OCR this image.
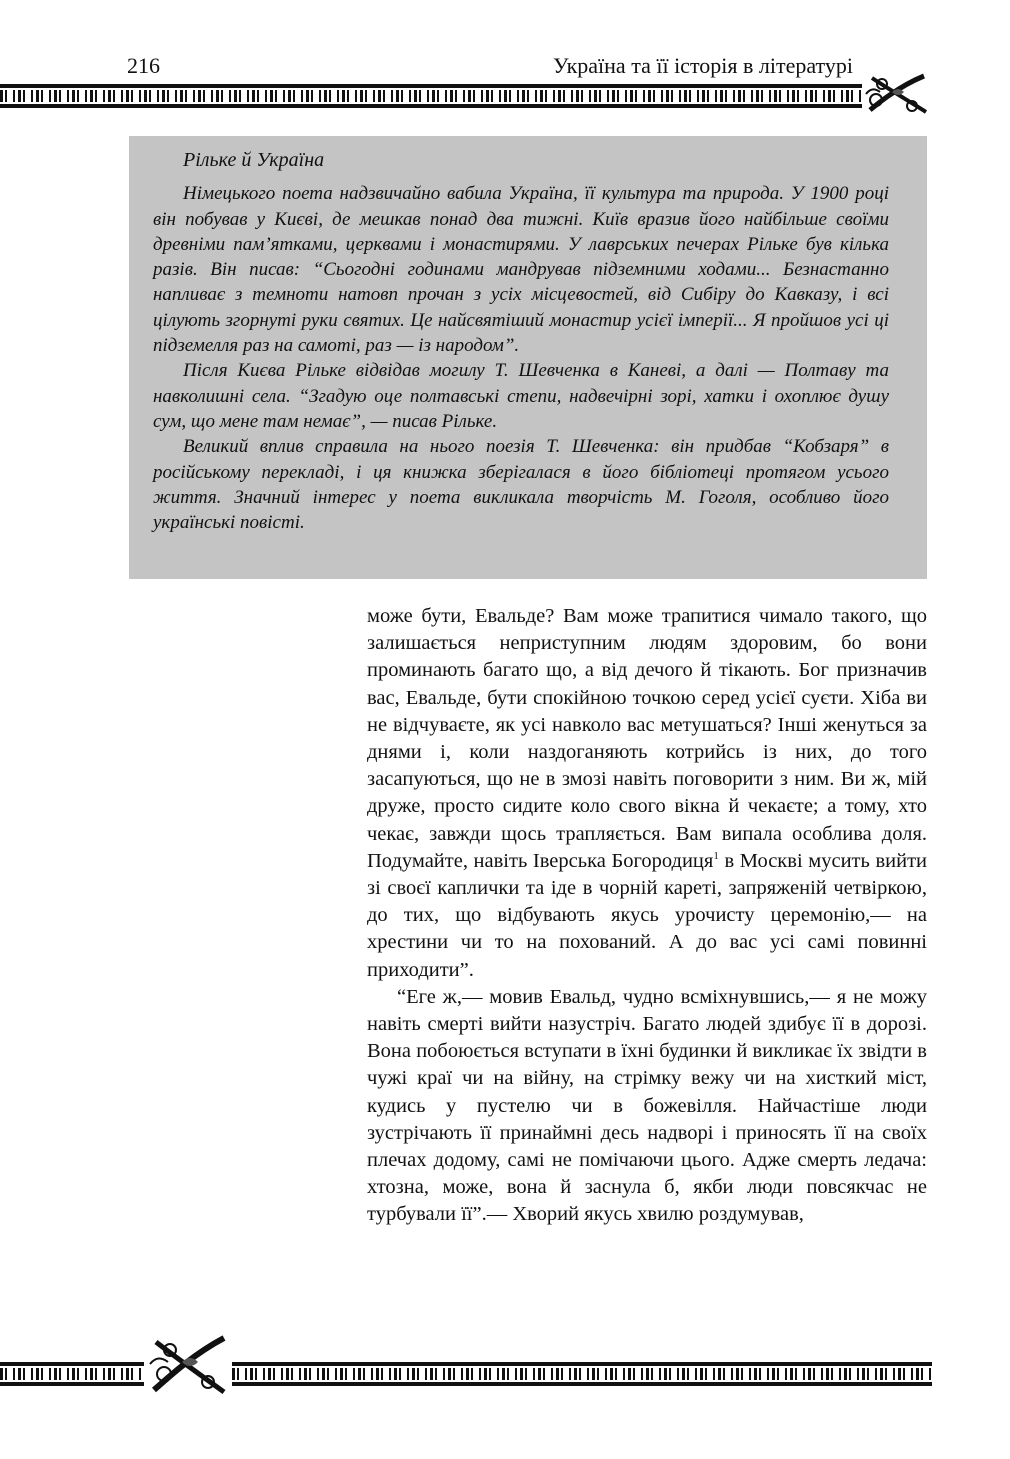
216	Україна та її історія в літературі
Рільке й Україна

Німецького поета надзвичайно вабила Україна, її культура та природа. У 1900 році він побував у Києві, де мешкав понад два тижні. Київ вразив його найбільше своїми древніми пам’ятками, церквами і монастирями. У лаврських печерах Рільке був кілька разів. Він писав: “Сьогодні годинами мандрував підземними ходами... Безнастанно напливає з темноти натовп прочан з усіх місцевостей, від Сибіру до Кавказу, і всі цілують згорнуті руки святих. Це найсвятіший монастир усієї імперії... Я пройшов усі ці підземелля раз на самоті, раз — із народом”.

Після Києва Рільке відвідав могилу Т. Шевченка в Каневі, а далі — Полтаву та навколишні села. “Згадую оце полтавські степи, надвечірні зорі, хатки і охоплює душу сум, що мене там немає”, — писав Рільке.

Великий вплив справила на нього поезія Т. Шевченка: він придбав “Кобзаря” в російському перекладі, і ця книжка зберігалася в його бібліотеці протягом усього життя. Значний інтерес у поета викликала творчість М. Гоголя, особливо його українські повісті.

може бути, Евальде? Вам може трапитися чимало такого, що залишається неприступним людям здоровим, бо вони проминають багато що, а від дечого й тікають. Бог призначив вас, Евальде, бути спокійною точкою серед усієї суєти. Хіба ви не відчуваєте, як усі навколо вас метушаться? Інші женуться за днями і, коли наздоганяють котрийсь із них, до того засапуються, що не в змозі навіть поговорити з ним. Ви ж, мій друже, просто сидите коло свого вікна й чекаєте; а тому, хто чекає, завжди щось трапляється. Вам випала особлива доля. Подумайте, навіть Іверська Богородиця$^1$ в Москві мусить вийти зі своєї каплички та іде в чорній кареті, запряженій четвіркою, до тих, що відбувають якусь урочисту церемонію,— на хрестини чи то на похований. А до вас усі самі повинні приходити”.

“Еге ж,— мовив Евальд, чудно всміхнувшись,— я не можу навіть смерті вийти назустріч. Багато людей здибує її в дорозі. Вона побоюється вступати в їхні будинки й викликає їх звідти в чужі краї чи на війну, на стрімку вежу чи на хисткий міст, кудись у пустелю чи в божевілля. Найчастіше люди зустрічають її принаймні десь надворі і приносять її на своїх плечах додому, самі не помічаючи цього. Адже смерть ледача: хтозна, може, вона й заснула б, якби люди повсякчас не турбували її”.— Хворий якусь хвилю роздумував,
